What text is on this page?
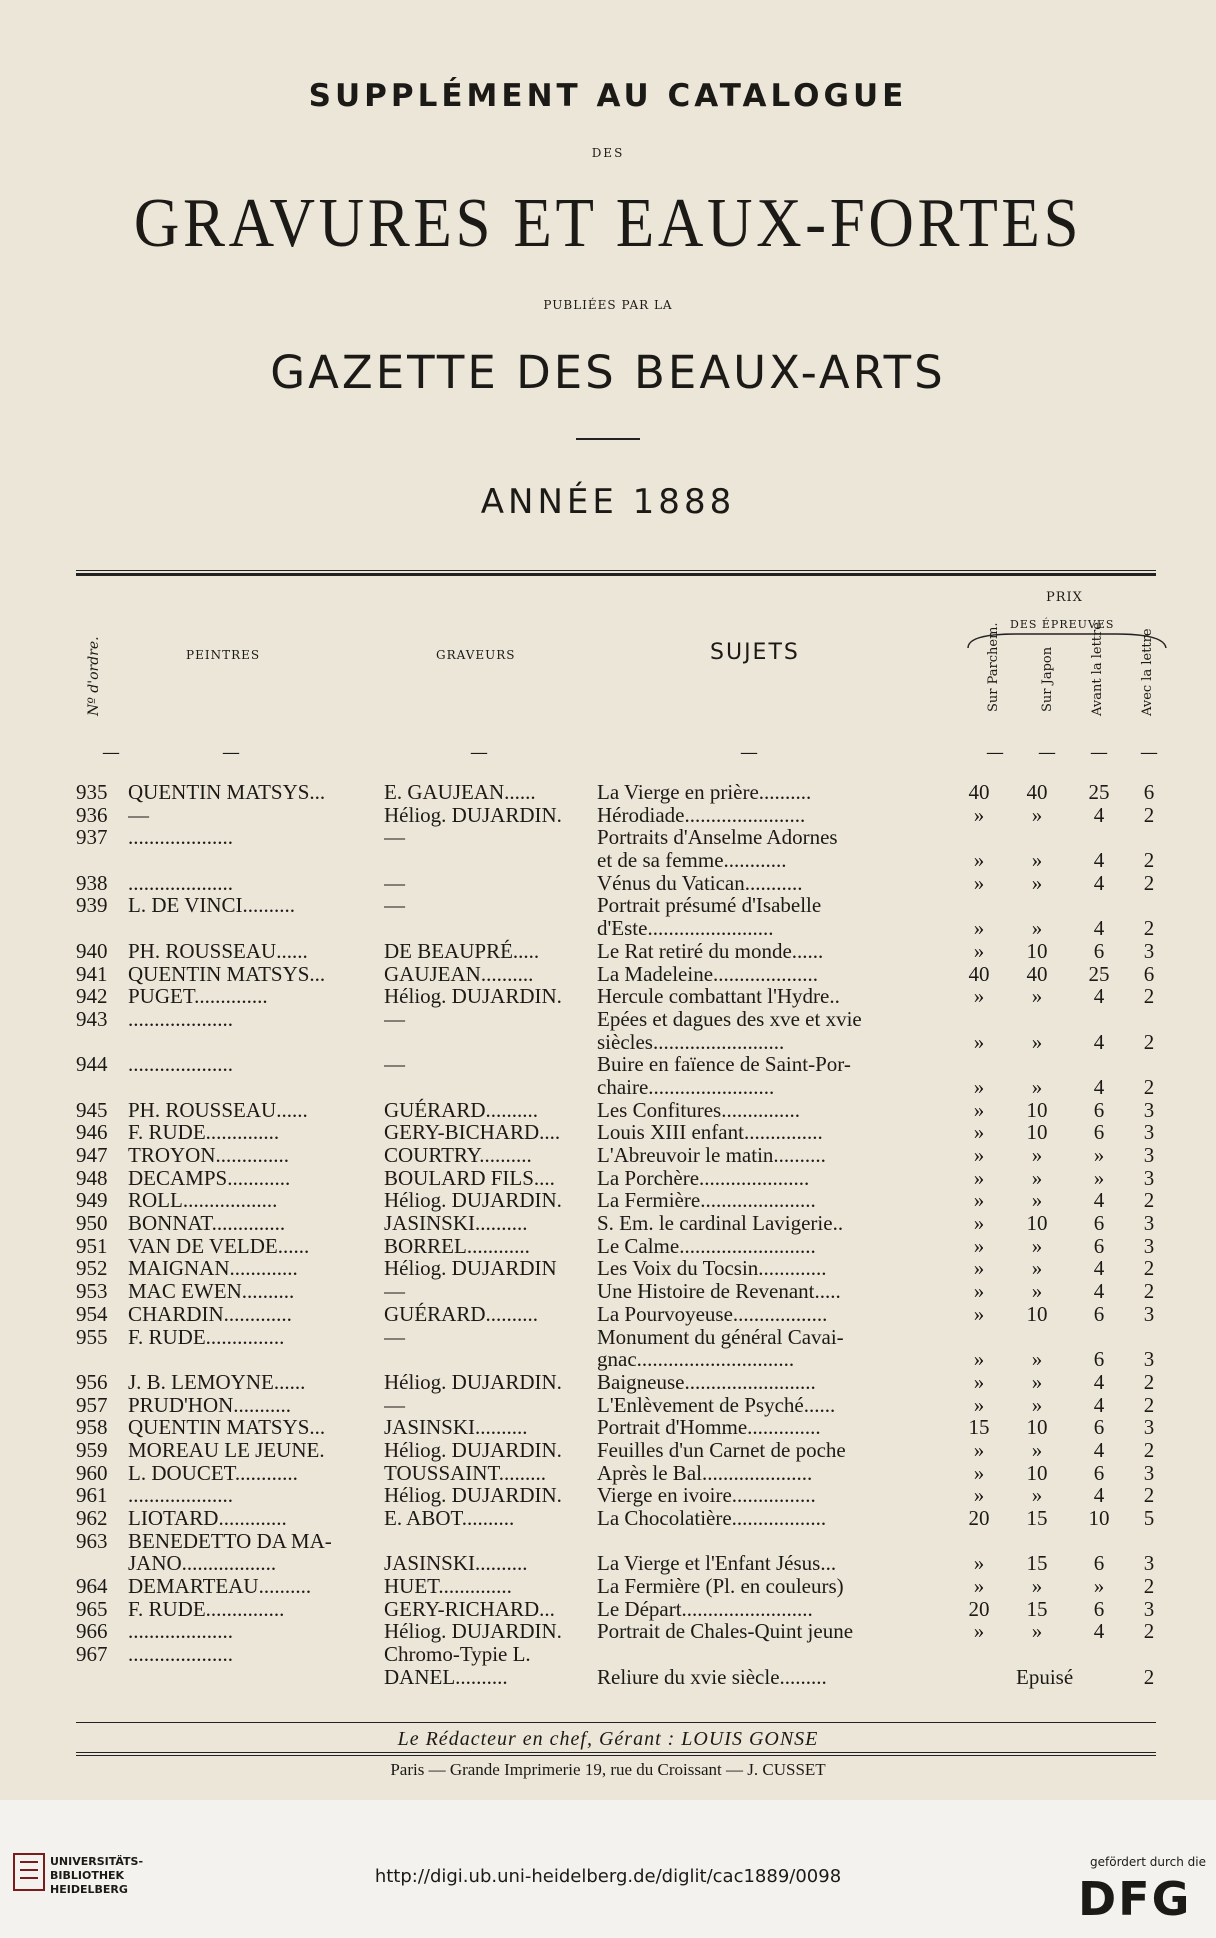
SUPPLÉMENT AU CATALOGUE
DES
GRAVURES ET EAUX-FORTES
PUBLIÉES PAR LA
GAZETTE DES BEAUX-ARTS
ANNÉE 1888
PRIX
DES ÉPREUVES
Nº d'ordre.	PEINTRES	GRAVEURS	SUJETS	Sur Parchem.	Sur Japon	Avant la lettre	Avec la lettre
—	—	—	—	— — — —
935 QUENTIN MATSYS...	E. GAUJEAN......	La Vierge en prière..........	40	40	25	6
936 —	Héliog. DUJARDIN.	Hérodiade.......................	»	»	4	2
937 ....................	—	Portraits d'Anselme Adornes
et de sa femme............	»	»	4	2
938 ....................	—	Vénus du Vatican...........	»	»	4	2
939 L. DE VINCI..........	—	Portrait présumé d'Isabelle
d'Este........................	»	»	4	2
940 PH. ROUSSEAU......	DE BEAUPRÉ.....	Le Rat retiré du monde......	»	10	6	3
941 QUENTIN MATSYS...	GAUJEAN..........	La Madeleine....................	40	40	25	6
942 PUGET..............	Héliog. DUJARDIN.	Hercule combattant l'Hydre..	»	»	4	2
943 ....................	—	Epées et dagues des xve et xvie
siècles.........................	»	»	4	2
944 ....................	—	Buire en faïence de Saint-Por-
chaire........................	»	»	4	2
945 PH. ROUSSEAU......	GUÉRARD..........	Les Confitures...............	»	10	6	3
946 F. RUDE..............	GERY-BICHARD....	Louis XIII enfant...............	»	10	6	3
947 TROYON..............	COURTRY..........	L'Abreuvoir le matin..........	»	»	»	3
948 DECAMPS............	BOULARD FILS....	La Porchère.....................	»	»	»	3
949 ROLL..................	Héliog. DUJARDIN.	La Fermière......................	»	»	4	2
950 BONNAT..............	JASINSKI..........	S. Em. le cardinal Lavigerie..	»	10	6	3
951 VAN DE VELDE......	BORREL............	Le Calme..........................	»	»	6	3
952 MAIGNAN.............	Héliog. DUJARDIN	Les Voix du Tocsin.............	»	»	4	2
953 MAC EWEN..........	—	Une Histoire de Revenant.....	»	»	4	2
954 CHARDIN.............	GUÉRARD..........	La Pourvoyeuse..................	»	10	6	3
955 F. RUDE...............	—	Monument du général Cavai-
gnac..............................	»	»	6	3
956 J. B. LEMOYNE......	Héliog. DUJARDIN.	Baigneuse.........................	»	»	4	2
957 PRUD'HON...........	—	L'Enlèvement de Psyché......	»	»	4	2
958 QUENTIN MATSYS...	JASINSKI..........	Portrait d'Homme..............	15	10	6	3
959 MOREAU LE JEUNE.	Héliog. DUJARDIN.	Feuilles d'un Carnet de poche	»	»	4	2
960 L. DOUCET............	TOUSSAINT.........	Après le Bal.....................	»	10	6	3
961 ....................	Héliog. DUJARDIN.	Vierge en ivoire................	»	»	4	2
962 LIOTARD.............	E. ABOT..........	La Chocolatière..................	20	15	10	5
963 BENEDETTO DA MA-
JANO..................	JASINSKI..........	La Vierge et l'Enfant Jésus...	»	15	6	3
964 DEMARTEAU..........	HUET..............	La Fermière (Pl. en couleurs)	»	»	»	2
965 F. RUDE...............	GERY-RICHARD...	Le Départ.........................	20	15	6	3
966 ....................	Héliog. DUJARDIN.	Portrait de Chales-Quint jeune	»	»	4	2
967 ....................	Chromo-Typie L.
DANEL..........	Reliure du xvie siècle.........	Epuisé	2
Le Rédacteur en chef, Gérant : LOUIS GONSE
Paris — Grande Imprimerie 19, rue du Croissant — J. CUSSET
UNIVERSITÄTS-
BIBLIOTHEK
HEIDELBERG
http://digi.ub.uni-heidelberg.de/diglit/cac1889/0098
gefördert durch die
DFG
